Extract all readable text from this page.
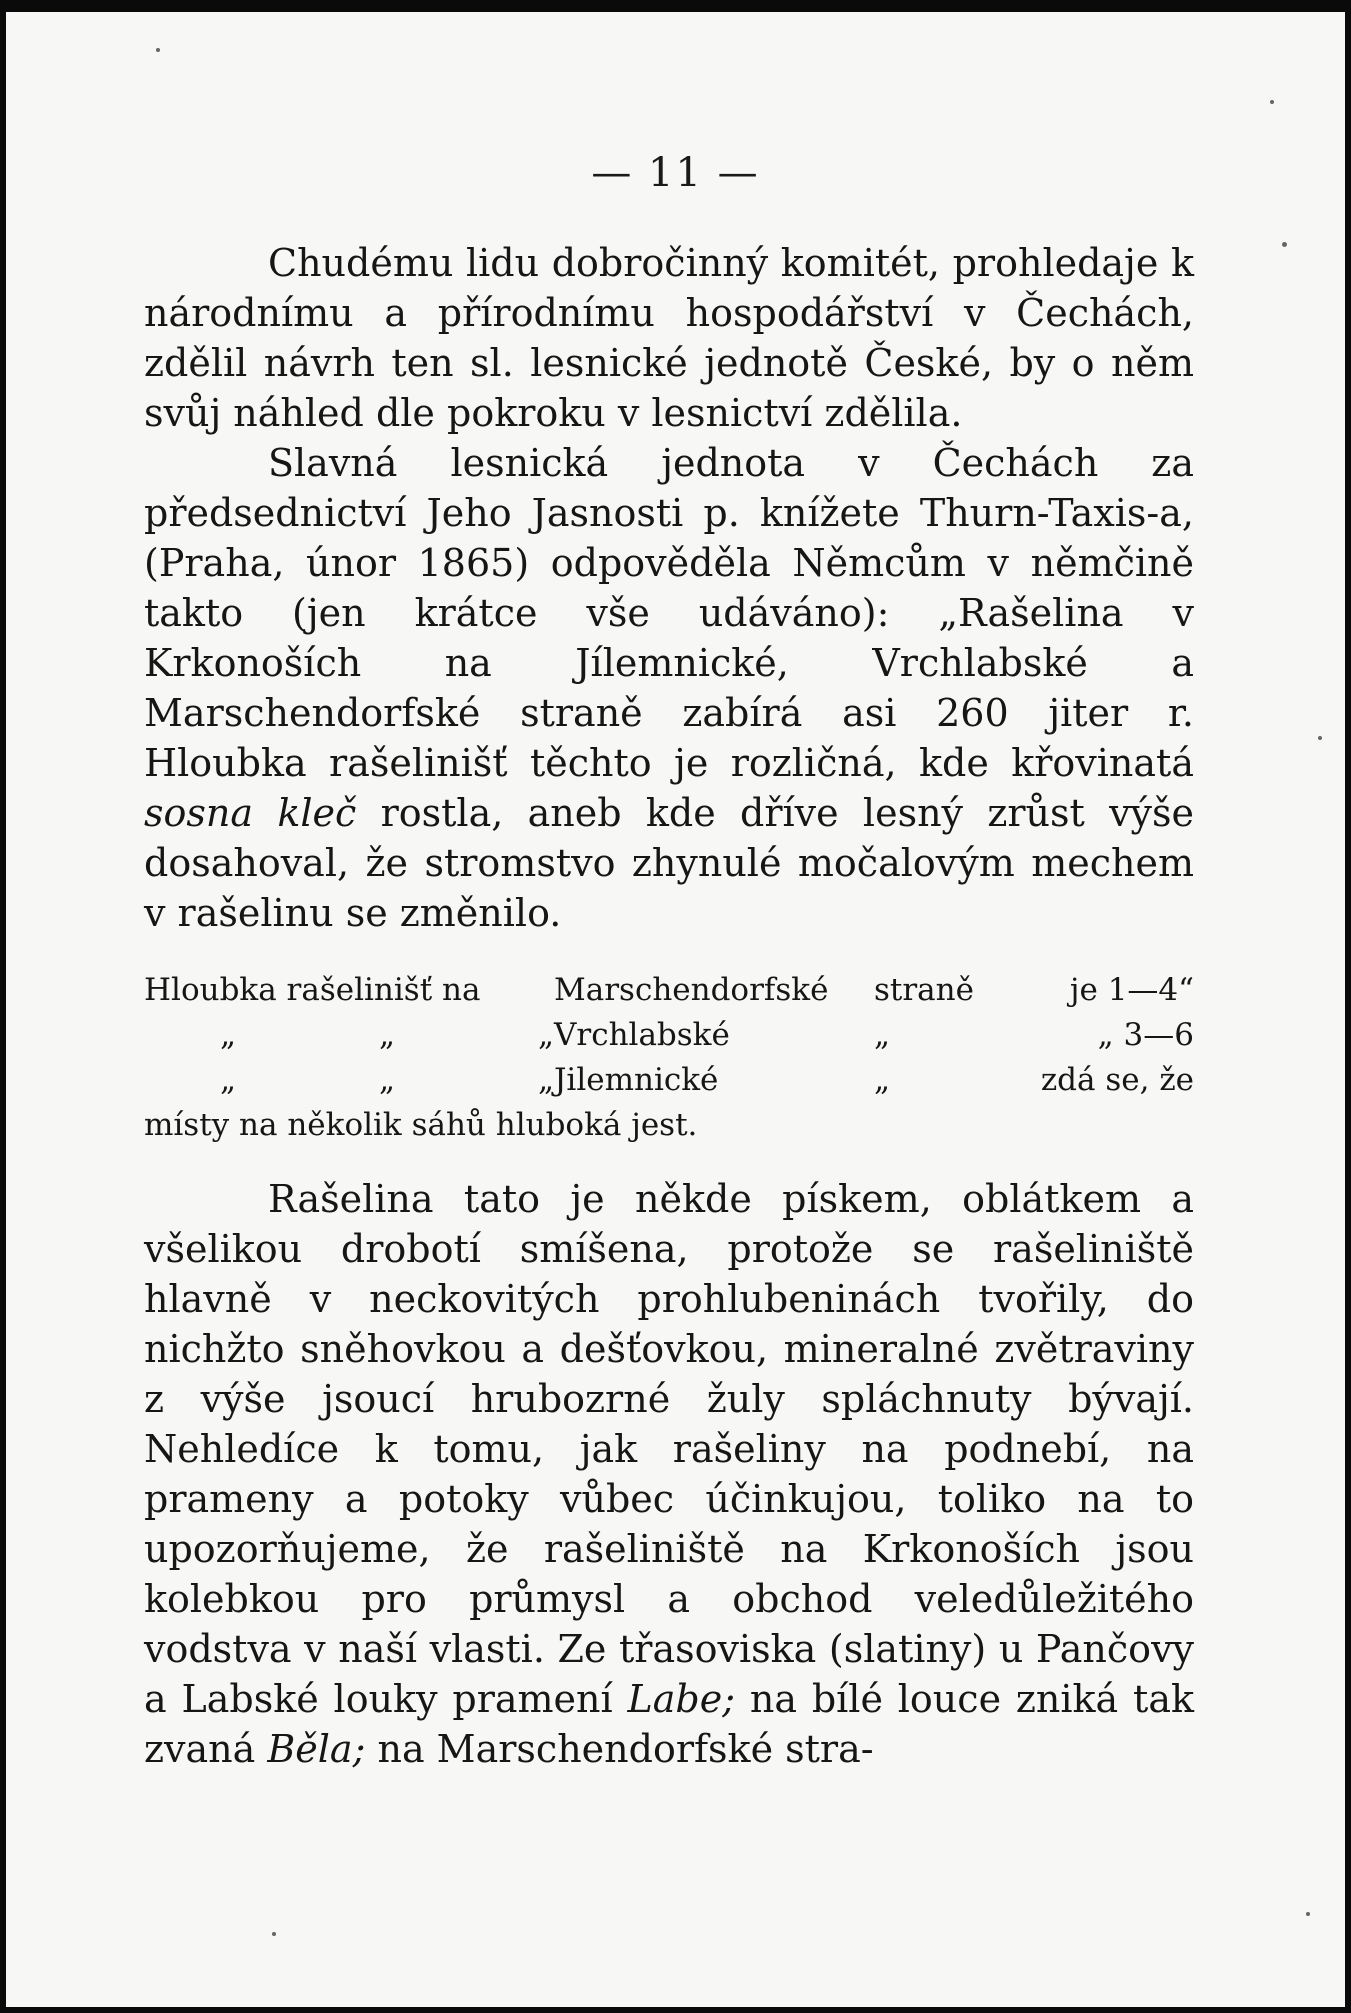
— 11 —

Chudému lidu dobročinný komitét, prohledaje k národnímu a přírodnímu hospodářství v Čechách, zdělil návrh ten sl. lesnické jednotě České, by o něm svůj náhled dle pokroku v lesnictví zdělila.

Slavná lesnická jednota v Čechách za předsednictví Jeho Jasnosti p. knížete Thurn-Taxis-a, (Praha, únor 1865) odpověděla Němcům v němčině takto (jen krátce vše udáváno): „Rašelina v Krkonoších na Jílemnické, Vrchlabské a Marschendorfské straně zabírá asi 260 jiter r. Hloubka rašelinišť těchto je rozličná, kde křovinatá sosna kleč rostla, aneb kde dříve lesný zrůst výše dosahoval, že stromstvo zhynulé močalovým mechem v rašelinu se změnilo.

Hloubka rašelinišť na	Marschendorfské	straně	je 1—4“
„	„	„ Vrchlabské	„	„ 3—6
„	„	„ Jilemnické	„	zdá se, že
místy na několik sáhů hluboká jest.

Rašelina tato je někde pískem, oblátkem a všelikou drobotí smíšena, protože se rašeliniště hlavně v neckovitých prohlubeninách tvořily, do nichžto sněhovkou a dešťovkou, mineralné zvětraviny z výše jsoucí hrubozrné žuly spláchnuty bývají. Nehledíce k tomu, jak rašeliny na podnebí, na prameny a potoky vůbec účinkujou, toliko na to upozorňujeme, že rašeliniště na Krkonoších jsou kolebkou pro průmysl a obchod veledůležitého vodstva v naší vlasti. Ze třasoviska (slatiny) u Pančovy a Labské louky pramení Labe; na bílé louce zniká tak zvaná Běla; na Marschendorfské stra-
